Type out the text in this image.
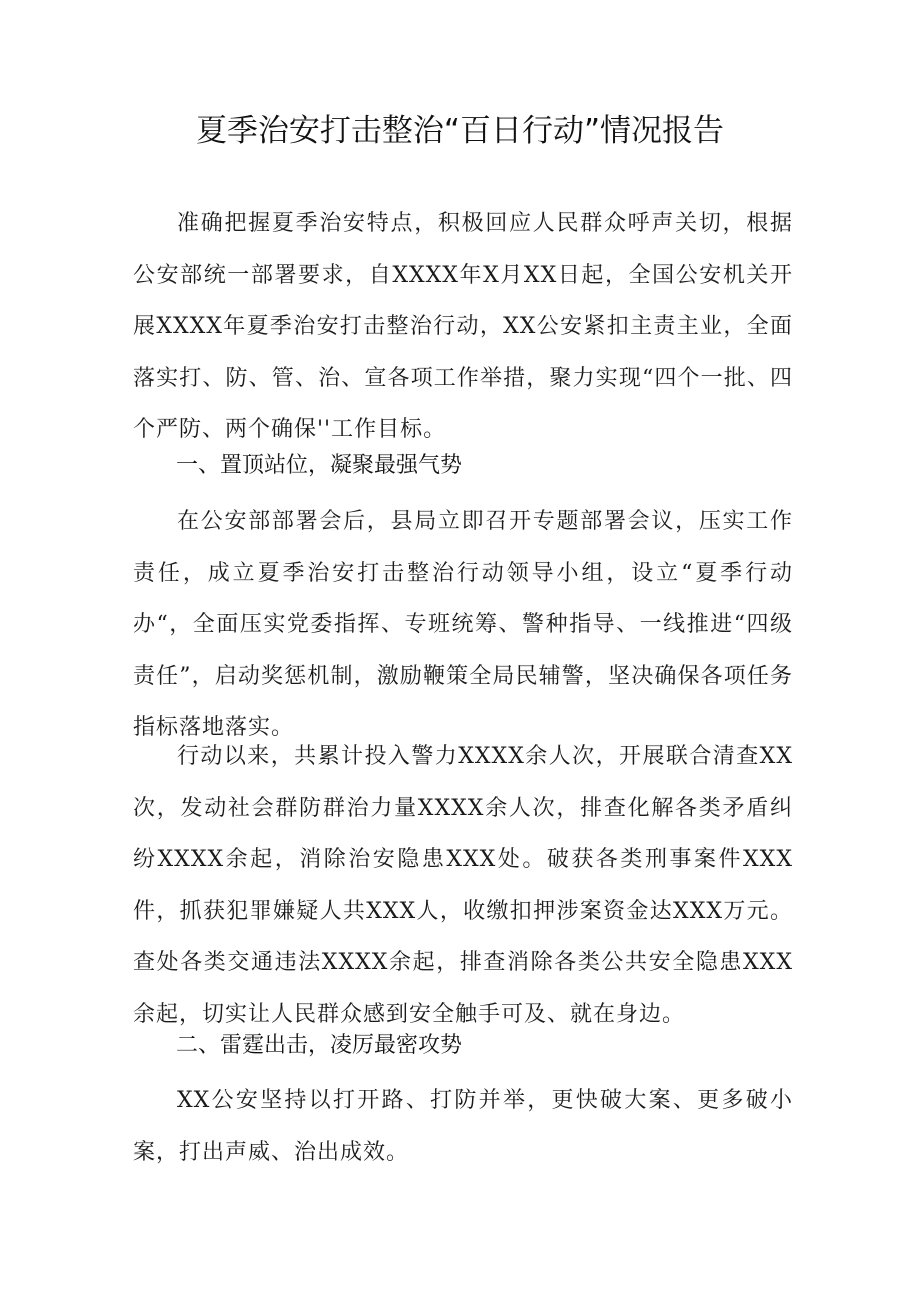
夏季治安打击整治“百日行动”情况报告

准确把握夏季治安特点，积极回应人民群众呼声关切，根据公安部统一部署要求，自XXXX年X月XX日起，全国公安机关开展XXXX年夏季治安打击整治行动，XX公安紧扣主责主业，全面落实打、防、管、治、宣各项工作举措，聚力实现“四个一批、四个严防、两个确保''工作目标。

一、置顶站位，凝聚最强气势

在公安部部署会后，县局立即召开专题部署会议，压实工作责任，成立夏季治安打击整治行动领导小组，设立“夏季行动办“，全面压实党委指挥、专班统筹、警种指导、一线推进“四级责任”，启动奖惩机制，激励鞭策全局民辅警，坚决确保各项任务指标落地落实。

行动以来，共累计投入警力XXXX余人次，开展联合清查XX次，发动社会群防群治力量XXXX余人次，排查化解各类矛盾纠纷XXXX余起，消除治安隐患XXX处。破获各类刑事案件XXX件，抓获犯罪嫌疑人共XXX人，收缴扣押涉案资金达XXX万元。查处各类交通违法XXXX余起，排查消除各类公共安全隐患XXX余起，切实让人民群众感到安全触手可及、就在身边。

二、雷霆出击，凌厉最密攻势

XX公安坚持以打开路、打防并举，更快破大案、更多破小案，打出声威、治出成效。
